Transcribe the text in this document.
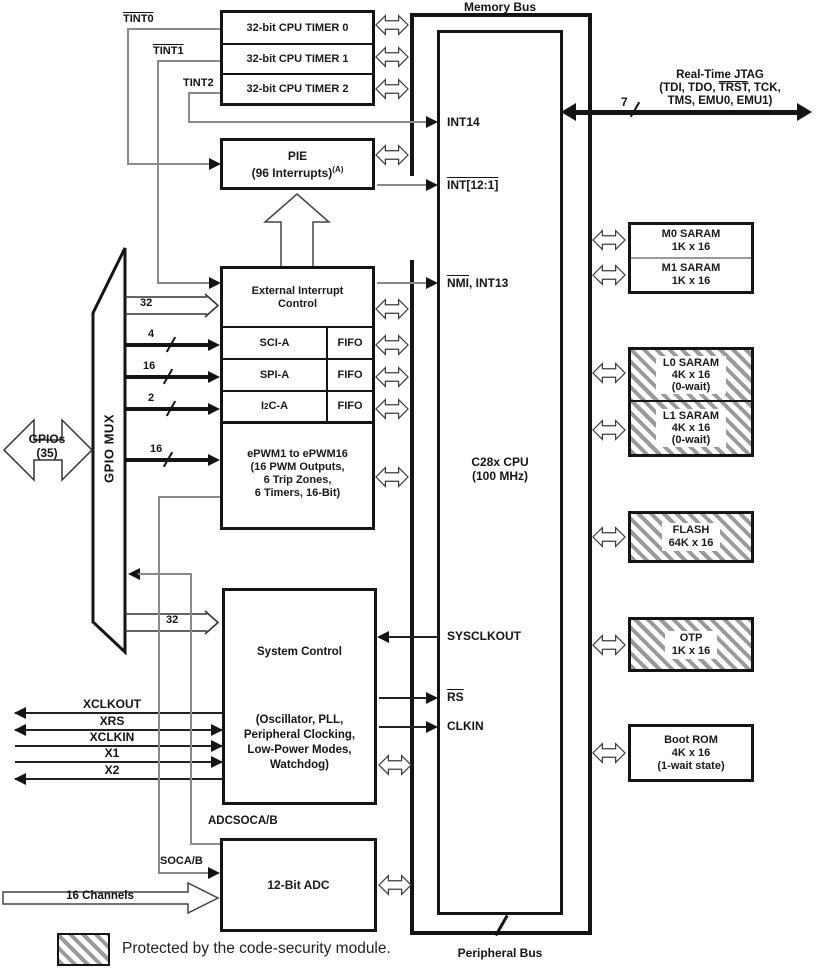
Memory Bus
C28x CPU
(100 MHz)
Peripheral Bus
INT14
INT[12:1]
$\overline{NMI}$, INT13
SYSCLKOUT
$\overline{RS}$
CLKIN
7
Real-Time JTAG
(TDI, TDO, TRST, TCK,
TMS, EMU0, EMU1)
32-bit CPU TIMER 0
32-bit CPU TIMER 1
32-bit CPU TIMER 2
TINT0
TINT1
TINT2
PIE
(96 Interrupts)$^{(A)}$
External Interrupt
Control
SCI-A	FIFO
SPI-A	FIFO
I 2 C-A	FIFO
ePWM1 to ePWM16
(16 PWM Outputs,
6 Trip Zones,
6 Timers, 16-Bit)
GPIO MUX
GPIOs
(35)
32
4
16
2
16
System Control
(Oscillator, PLL,
Peripheral Clocking,
Low-Power Modes,
Watchdog)
32
XCLKOUT
$\overline{XRS}$
XCLKIN
X1
X2
12-Bit ADC
ADCSOCA/B
SOCA/B
16 Channels
M0 SARAM
1K x 16
M1 SARAM
1K x 16
L0 SARAM
4K x 16
(0-wait)
L1 SARAM
4K x 16
(0-wait)
FLASH
64K x 16
OTP
1K x 16
Boot ROM
4K x 16
(1-wait state)
Protected by the code-security module.
